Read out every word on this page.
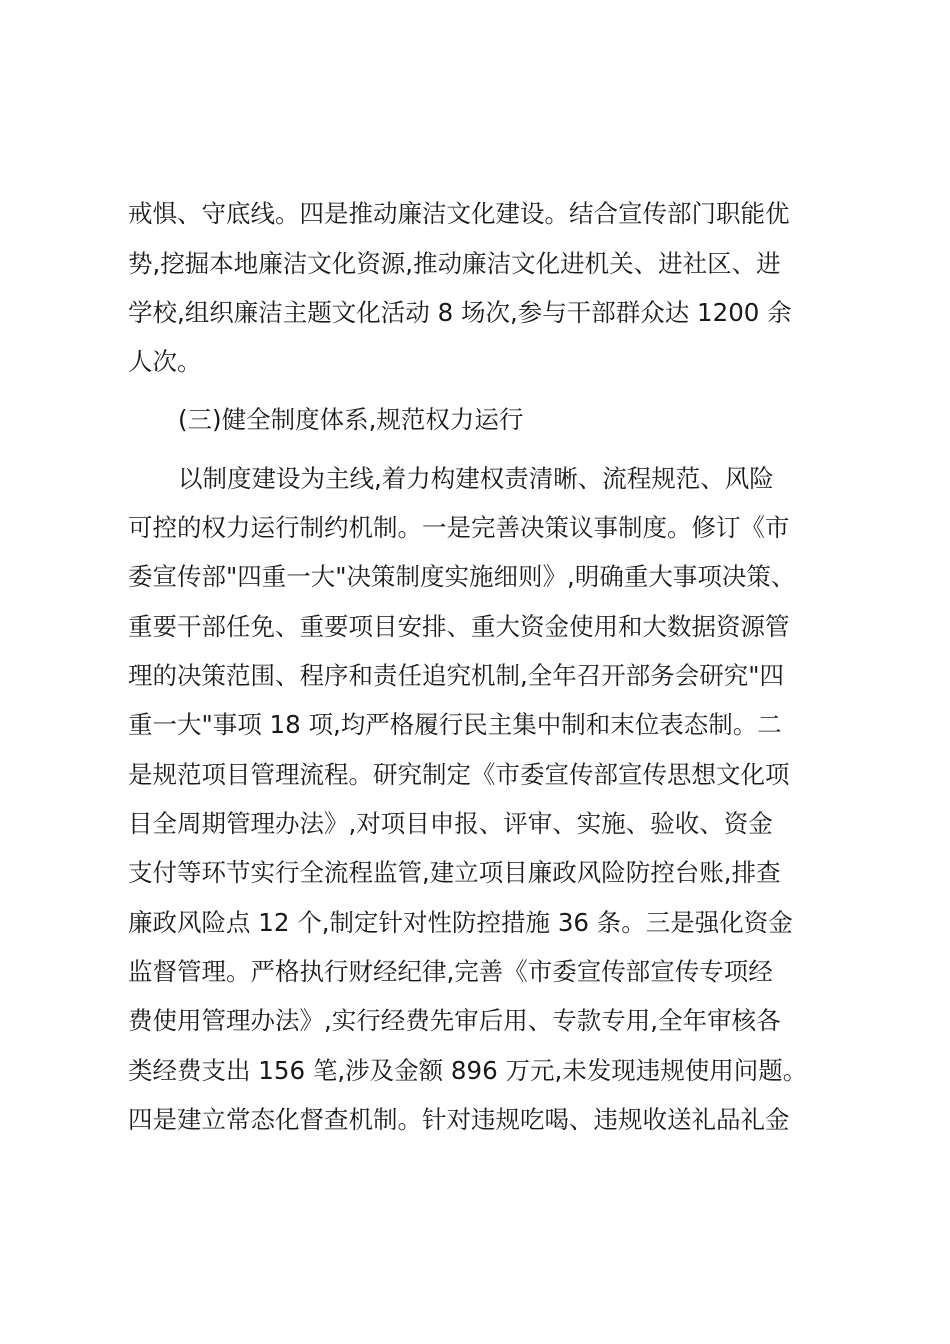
戒惧、守底线。四是推动廉洁文化建设。结合宣传部门职能优
势,挖掘本地廉洁文化资源,推动廉洁文化进机关、进社区、进
学校,组织廉洁主题文化活动 8 场次,参与干部群众达 1200 余
人次。
(三)健全制度体系,规范权力运行
以制度建设为主线,着力构建权责清晰、流程规范、风险
可控的权力运行制约机制。一是完善决策议事制度。修订《市
委宣传部"四重一大"决策制度实施细则》,明确重大事项决策、
重要干部任免、重要项目安排、重大资金使用和大数据资源管
理的决策范围、程序和责任追究机制,全年召开部务会研究"四
重一大"事项 18 项,均严格履行民主集中制和末位表态制。二
是规范项目管理流程。研究制定《市委宣传部宣传思想文化项
目全周期管理办法》,对项目申报、评审、实施、验收、资金
支付等环节实行全流程监管,建立项目廉政风险防控台账,排查
廉政风险点 12 个,制定针对性防控措施 36 条。三是强化资金
监督管理。严格执行财经纪律,完善《市委宣传部宣传专项经
费使用管理办法》,实行经费先审后用、专款专用,全年审核各
类经费支出 156 笔,涉及金额 896 万元,未发现违规使用问题。
四是建立常态化督查机制。针对违规吃喝、违规收送礼品礼金
